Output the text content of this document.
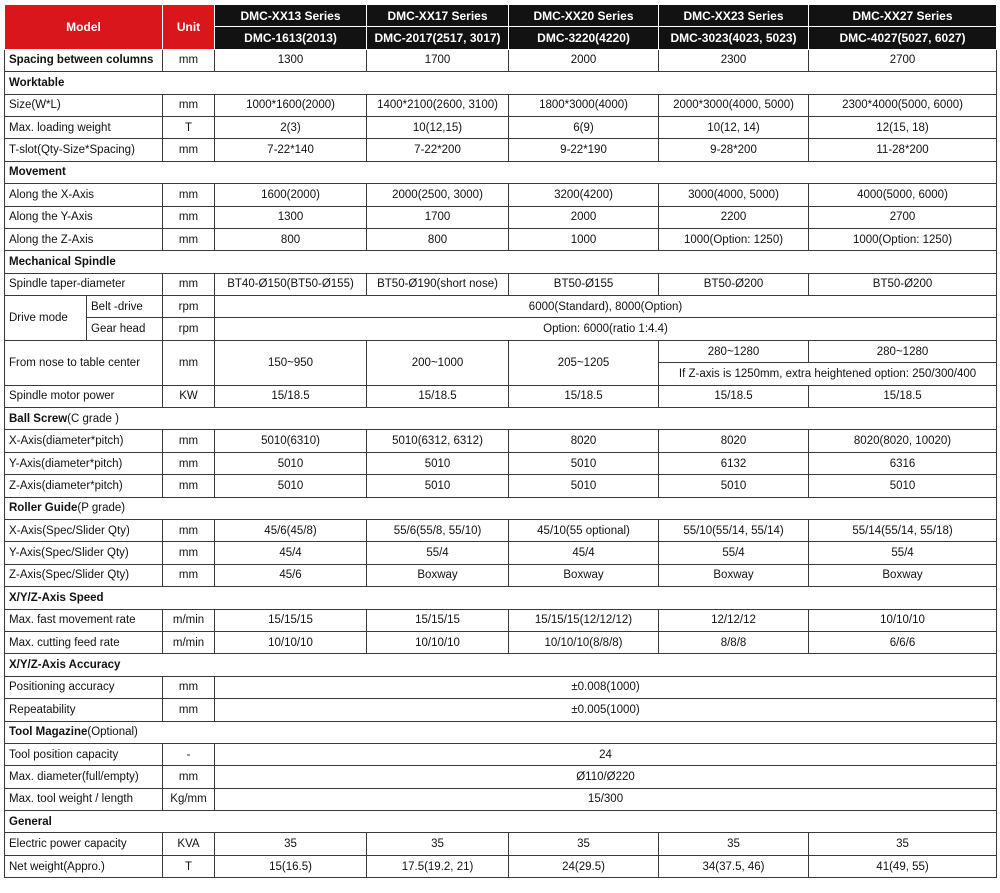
Model		Unit	DMC-XX13 Series	DMC-XX17 Series	DMC-XX20 Series	DMC-XX23 Series	DMC-XX27 Series
			DMC-1613(2013)	DMC-2017(2517, 3017)	DMC-3220(4220)	DMC-3023(4023, 5023)	DMC-4027(5027, 6027)
Spacing between columns		mm	1300	1700	2000	2300	2700
Worktable							
Size(W*L)		mm	1000*1600(2000)	1400*2100(2600, 3100)	1800*3000(4000)	2000*3000(4000, 5000)	2300*4000(5000, 6000)
Max. loading weight		T	2(3)	10(12,15)	6(9)	10(12, 14)	12(15, 18)
T-slot(Qty-Size*Spacing)		mm	7-22*140	7-22*200	9-22*190	9-28*200	11-28*200
Movement							
Along the X-Axis		mm	1600(2000)	2000(2500, 3000)	3200(4200)	3000(4000, 5000)	4000(5000, 6000)
Along the Y-Axis		mm	1300	1700	2000	2200	2700
Along the Z-Axis		mm	800	800	1000	1000(Option: 1250)	1000(Option: 1250)
Mechanical Spindle							
Spindle taper-diameter		mm	BT40-Ø150(BT50-Ø155)	BT50-Ø190(short nose)	BT50-Ø155	BT50-Ø200	BT50-Ø200
Drive mode	Belt -drive	rpm	6000(Standard), 8000(Option)				
	Gear head	rpm	Option: 6000(ratio 1:4.4)				
From nose to table center		mm	150~950	200~1000	205~1205	280~1280	280~1280
						If Z-axis is 1250mm, extra heightened option: 250/300/400	
Spindle motor power		KW	15/18.5	15/18.5	15/18.5	15/18.5	15/18.5
Ball Screw(C grade )							
X-Axis(diameter*pitch)		mm	5010(6310)	5010(6312, 6312)	8020	8020	8020(8020, 10020)
Y-Axis(diameter*pitch)		mm	5010	5010	5010	6132	6316
Z-Axis(diameter*pitch)		mm	5010	5010	5010	5010	5010
Roller Guide(P grade)							
X-Axis(Spec/Slider Qty)		mm	45/6(45/8)	55/6(55/8, 55/10)	45/10(55 optional)	55/10(55/14, 55/14)	55/14(55/14, 55/18)
Y-Axis(Spec/Slider Qty)		mm	45/4	55/4	45/4	55/4	55/4
Z-Axis(Spec/Slider Qty)		mm	45/6	Boxway	Boxway	Boxway	Boxway
X/Y/Z-Axis Speed							
Max. fast movement rate		m/min	15/15/15	15/15/15	15/15/15(12/12/12)	12/12/12	10/10/10
Max. cutting feed rate		m/min	10/10/10	10/10/10	10/10/10(8/8/8)	8/8/8	6/6/6
X/Y/Z-Axis Accuracy							
Positioning accuracy		mm	±0.008(1000)				
Repeatability		mm	±0.005(1000)				
Tool Magazine(Optional)							
Tool position capacity		-	24				
Max. diameter(full/empty)		mm	Ø110/Ø220				
Max. tool weight / length		Kg/mm	15/300				
General							
Electric power capacity		KVA	35	35	35	35	35
Net weight(Appro.)		T	15(16.5)	17.5(19.2, 21)	24(29.5)	34(37.5, 46)	41(49, 55)
